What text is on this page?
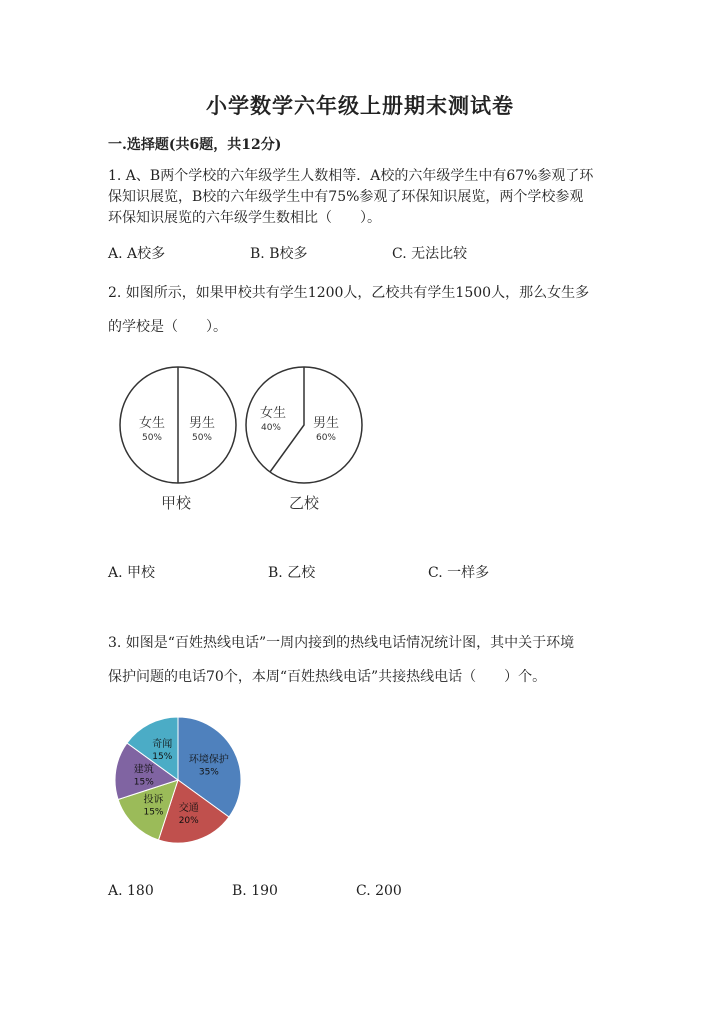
小学数学六年级上册期末测试卷
一.选择题(共6题，共12分)
1. A、B两个学校的六年级学生人数相等．A校的六年级学生中有67%参观了环
保知识展览，B校的六年级学生中有75%参观了环保知识展览，两个学校参观
环保知识展览的六年级学生数相比（　　）。
A. A校多	B. B校多	C. 无法比较
2. 如图所示，如果甲校共有学生1200人，乙校共有学生1500人，那么女生多
的学校是（　　）。
女生
50%
男生
50%
甲校
女生
40% 男生
60%
乙校
A. 甲校	B. 乙校	C. 一样多
3. 如图是“百姓热线电话”一周内接到的热线电话情况统计图，其中关于环境
保护问题的电话70个，本周“百姓热线电话”共接热线电话（　　）个。
环境保护
35%
交通
20%
投诉
15%
建筑
15%
奇闻
15%
A. 180	B. 190	C. 200
